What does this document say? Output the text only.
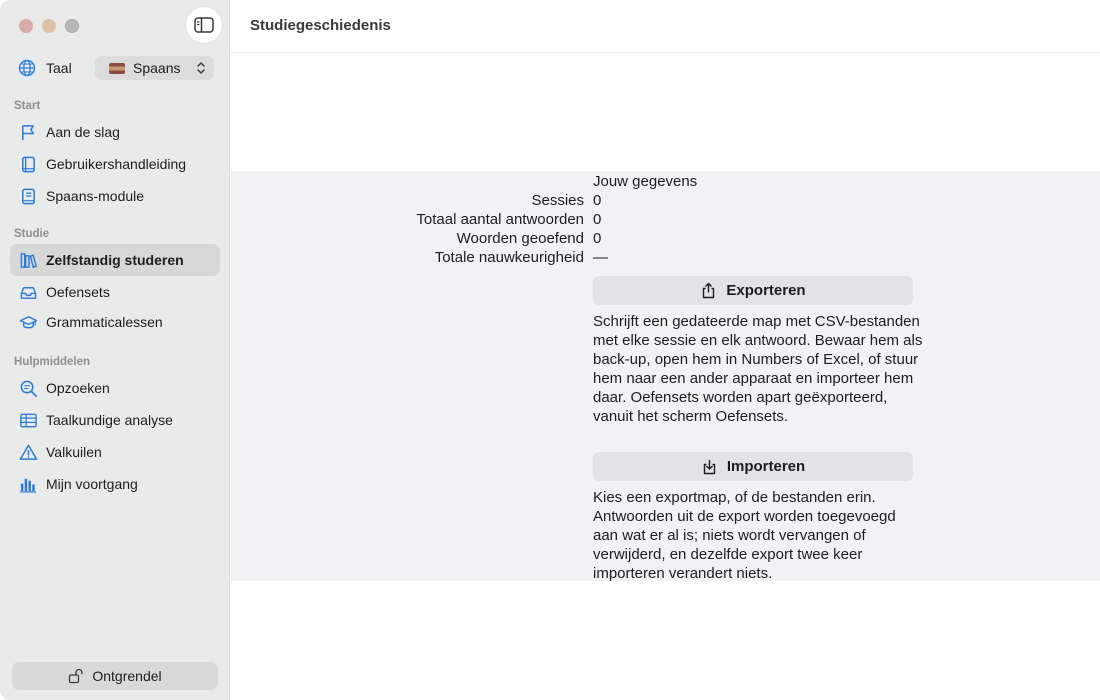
Taal	Spaans
Start
Aan de slag
Gebruikershandleiding
Spaans-module
Studie
Zelfstandig studeren
Oefensets
Grammaticalessen
Hulpmiddelen
Opzoeken
Taalkundige analyse
Valkuilen
Mijn voortgang
Ontgrendel
Studiegeschiedenis
Jouw gegevens
Sessies 0
Totaal aantal antwoorden 0
Woorden geoefend 0
Totale nauwkeurigheid —
Exporteren
Schrijft een gedateerde map met CSV-bestanden met elke sessie en elk antwoord. Bewaar hem als back-up, open hem in Numbers of Excel, of stuur hem naar een ander apparaat en importeer hem daar. Oefensets worden apart geëxporteerd, vanuit het scherm Oefensets.
Importeren
Kies een exportmap, of de bestanden erin. Antwoorden uit de export worden toegevoegd aan wat er al is; niets wordt vervangen of verwijderd, en dezelfde export twee keer importeren verandert niets.
